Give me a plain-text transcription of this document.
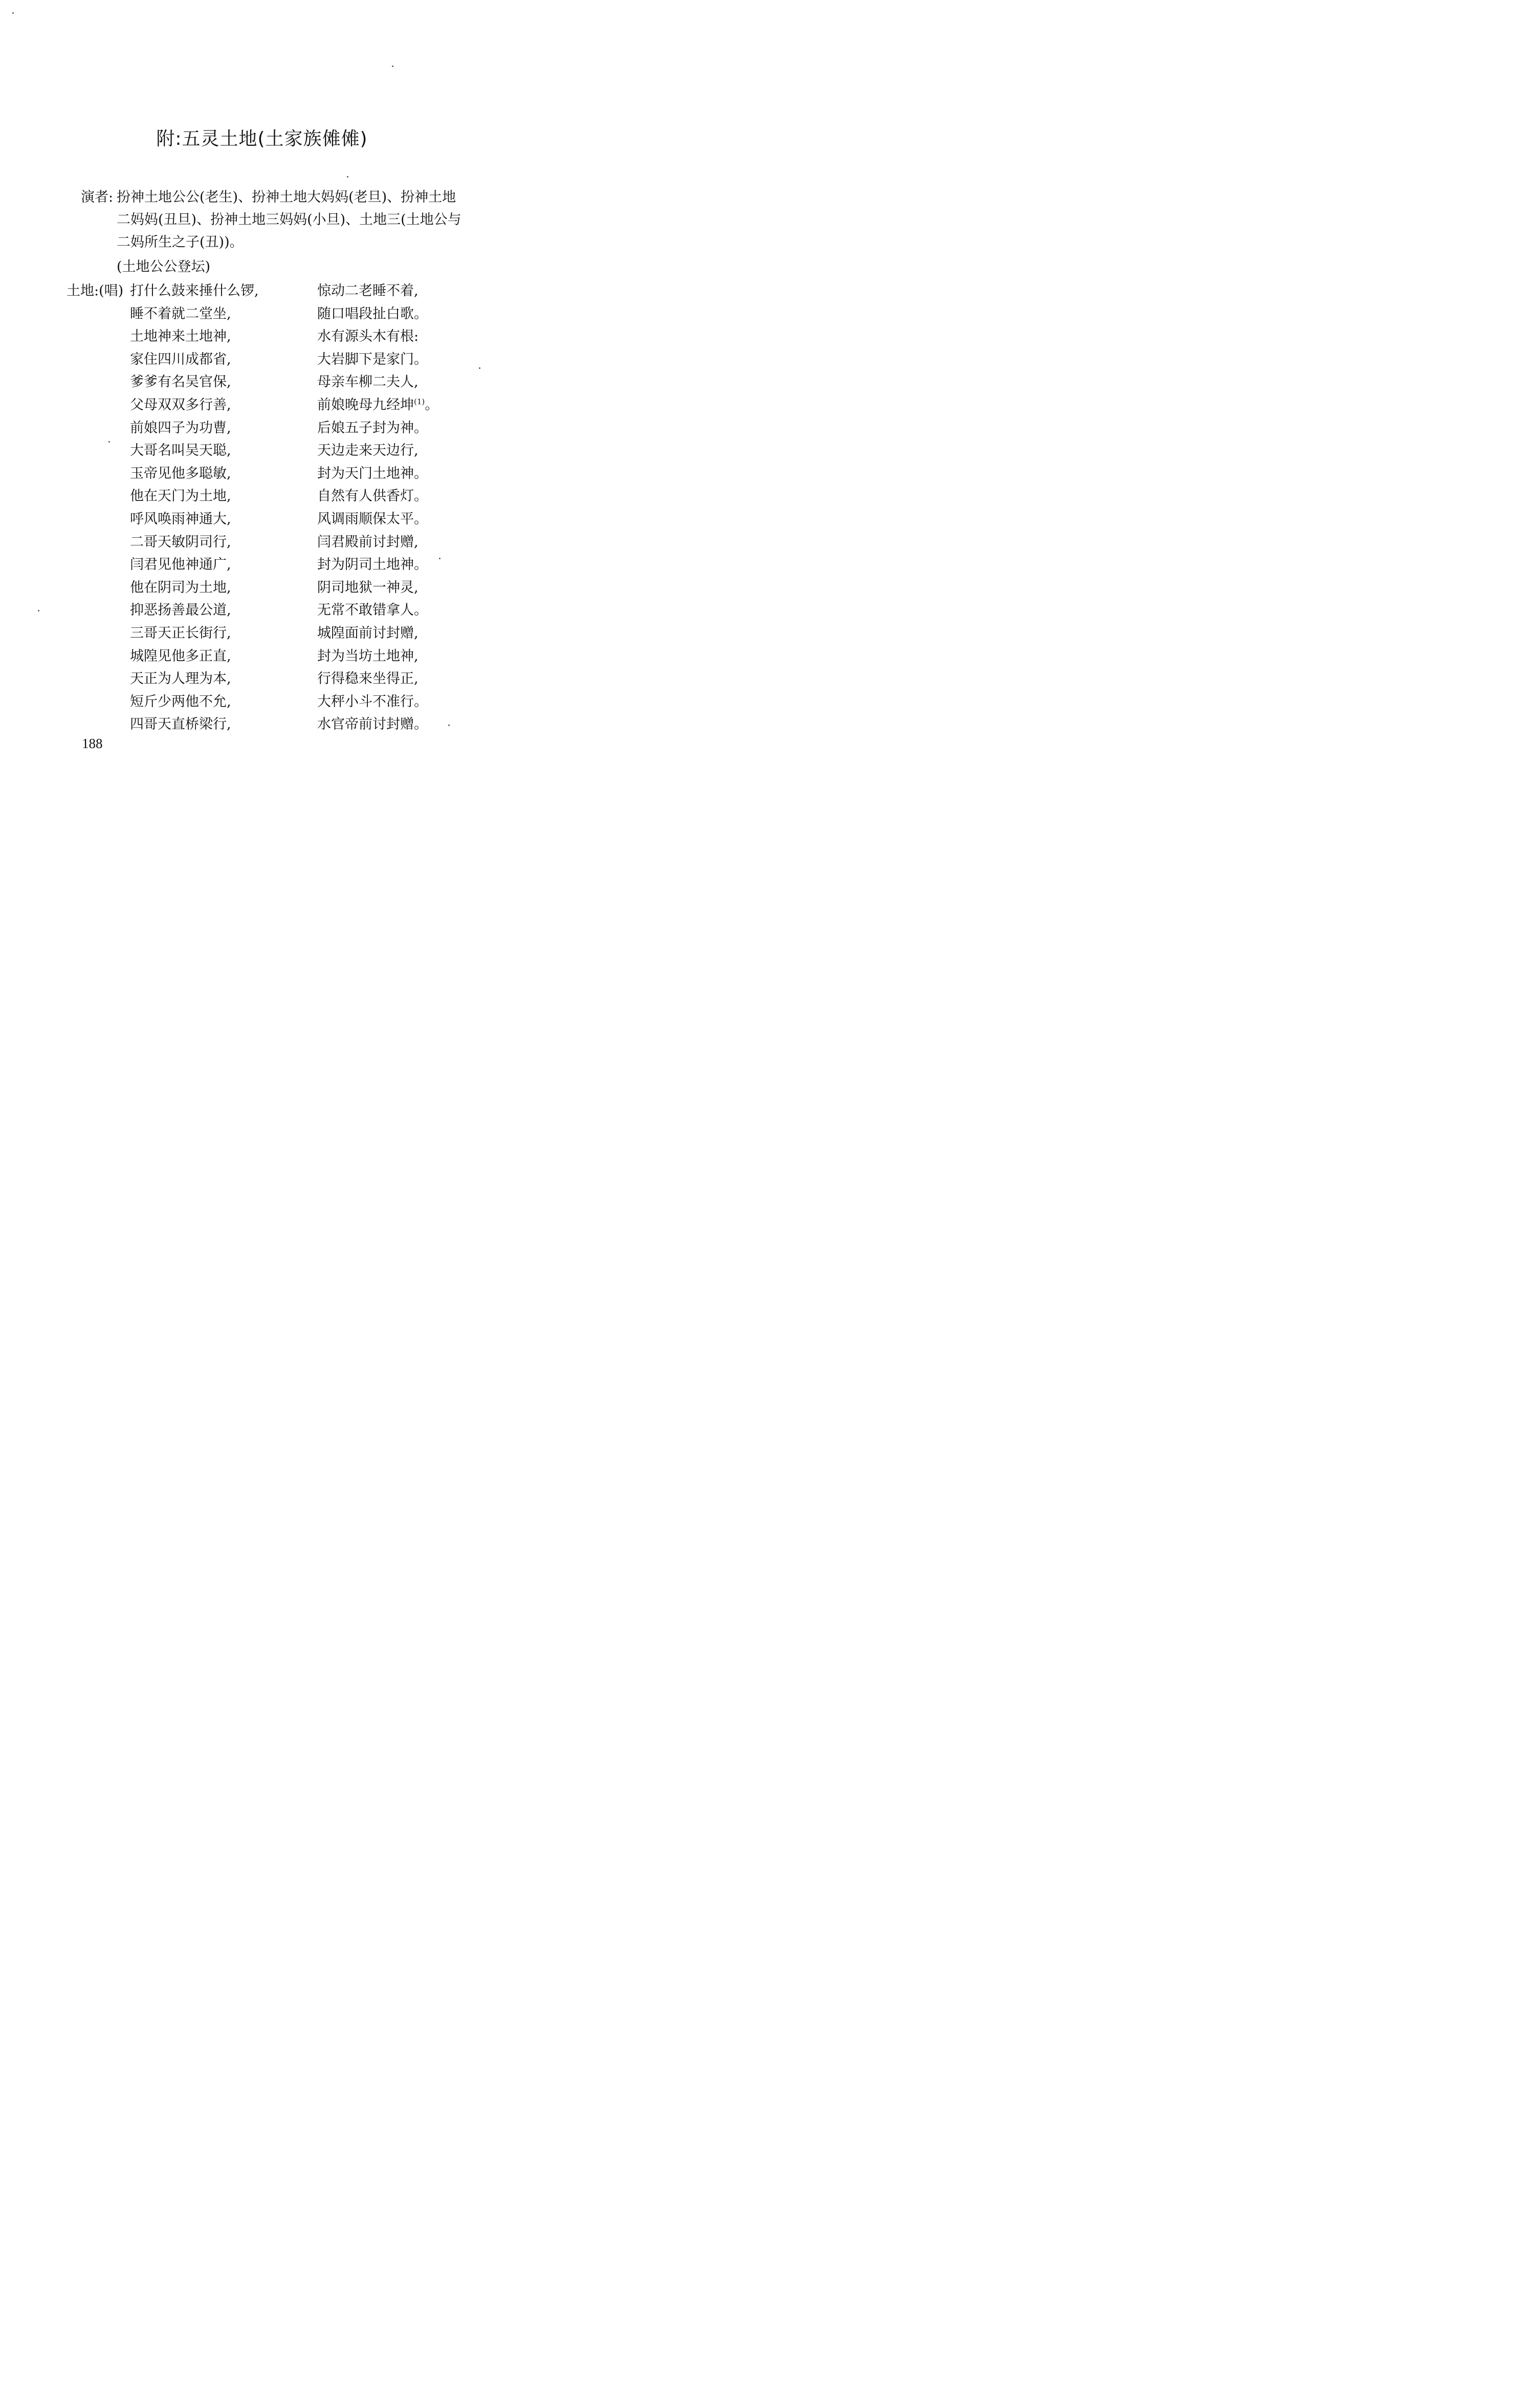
附:五灵土地(土家族傩傩)
演者: 扮神土地公公(老生)、扮神土地大妈妈(老旦)、扮神土地
二妈妈(丑旦)、扮神土地三妈妈(小旦)、土地三(土地公与
二妈所生之子(丑))。
(土地公公登坛)
土地:(唱) 打什么鼓来捶什么锣,	惊动二老睡不着,
睡不着就二堂坐,	随口唱段扯白歌。
土地神来土地神,	水有源头木有根:
家住四川成都省,	大岩脚下是家门。
爹爹有名吴官保,	母亲车柳二夫人,
父母双双多行善,	前娘晚母九经坤$^{(1)}$。
前娘四子为功曹,	后娘五子封为神。
大哥名叫吴天聪,	天边走来天边行,
玉帝见他多聪敏,	封为天门土地神。
他在天门为土地,	自然有人供香灯。
呼风唤雨神通大,	风调雨顺保太平。
二哥天敏阴司行,	闫君殿前讨封赠,
闫君见他神通广,	封为阴司土地神。
他在阴司为土地,	阴司地狱一神灵,
抑恶扬善最公道,	无常不敢错拿人。
三哥天正长街行,	城隍面前讨封赠,
城隍见他多正直,	封为当坊土地神,
天正为人理为本,	行得稳来坐得正,
短斤少两他不允,	大秤小斗不准行。
四哥天直桥梁行,	水官帝前讨封赠。
188
